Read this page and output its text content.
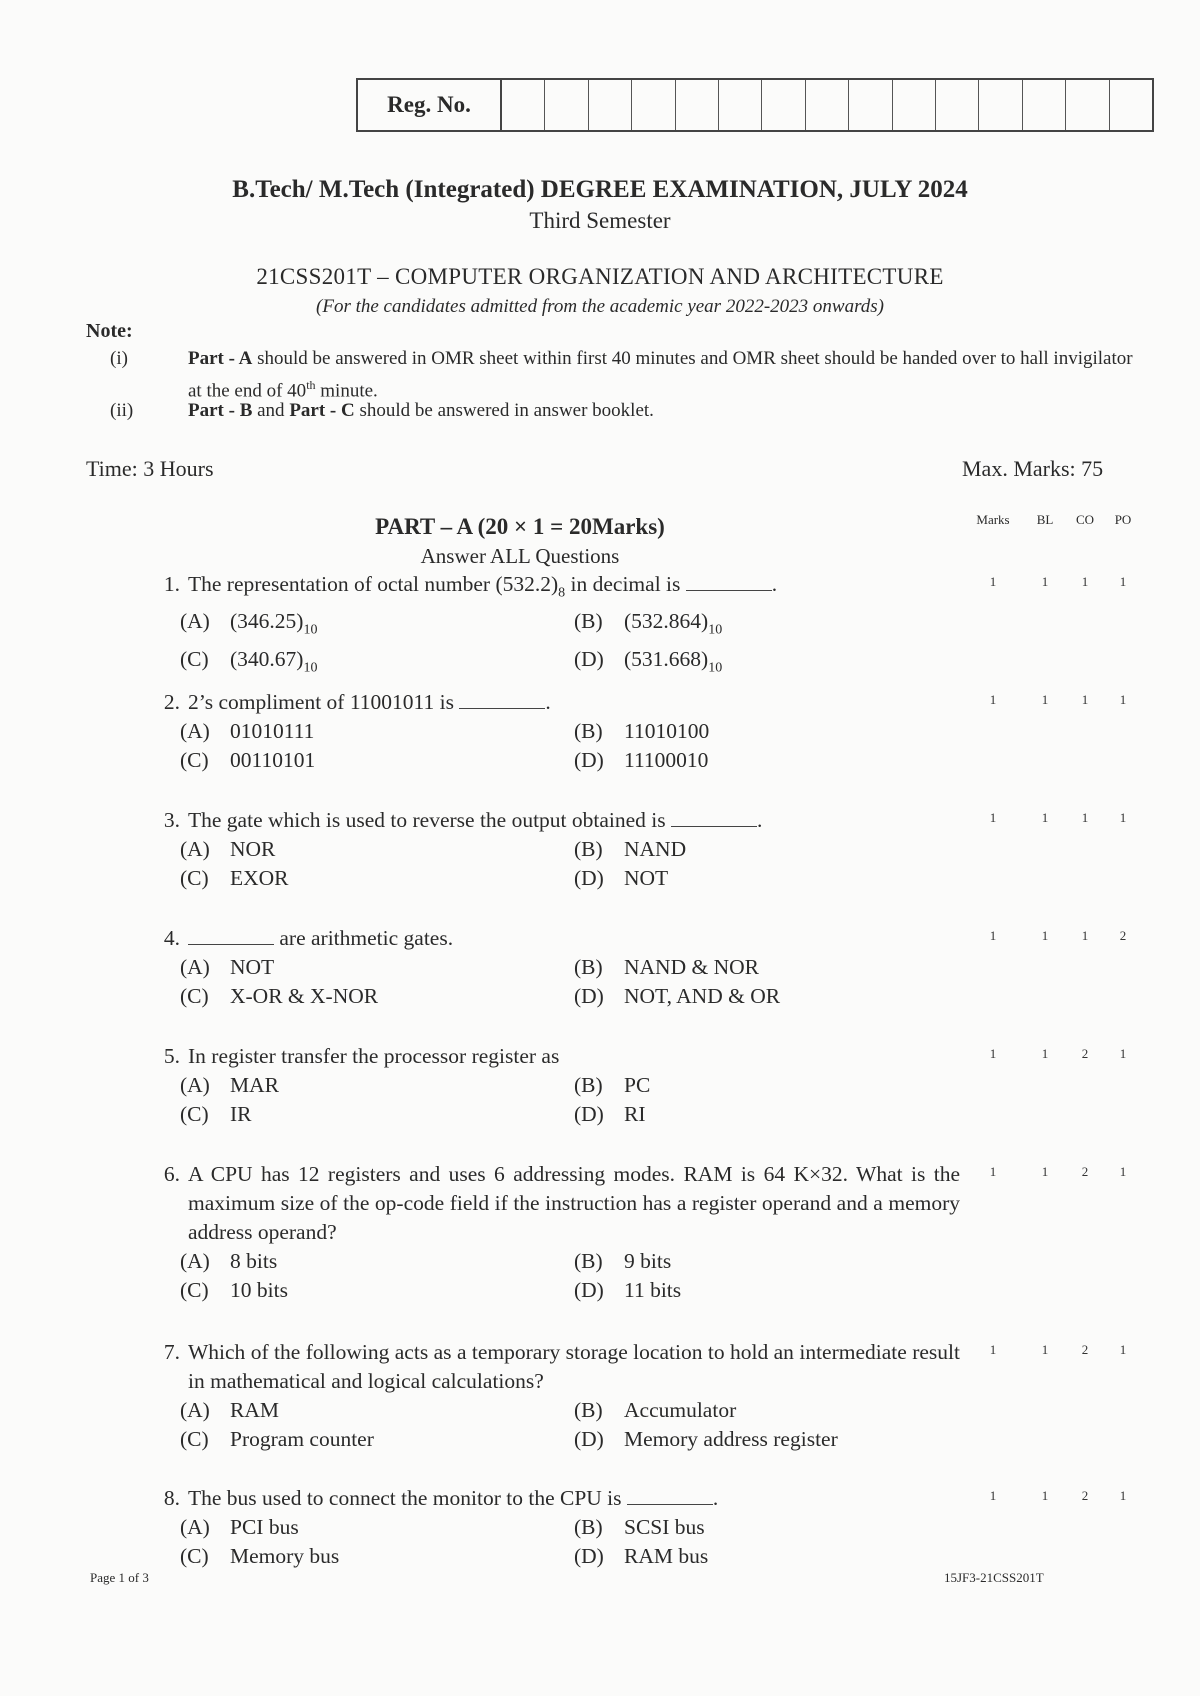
Reg. No.
B.Tech/ M.Tech (Integrated) DEGREE EXAMINATION, JULY 2024
Third Semester
21CSS201T – COMPUTER ORGANIZATION AND ARCHITECTURE
(For the candidates admitted from the academic year 2022-2023 onwards)
Note:
(i)	Part - A should be answered in OMR sheet within first 40 minutes and OMR sheet should be handed over to hall invigilator at the end of 40th minute.
(ii)	Part - B and Part - C should be answered in answer booklet.
Time: 3 Hours	Max. Marks: 75
Marks	BL	CO	PO
PART – A (20 × 1 = 20Marks)
Answer ALL Questions
1. The representation of octal number $(532.2)_8$ in decimal is	.
(A) $(346.25)_{10}$	(B) $(532.864)_{10}$
(C) $(340.67)_{10}$	(D) $(531.668)_{10}$
1	1	1	1
2. 2’s compliment of 11001011 is	.
(A) 01010111	(B) 11010100
(C) 00110101	(D) 11100010
1	1	1	1
3. The gate which is used to reverse the output obtained is	.
(A) NOR	(B) NAND
(C) EXOR	(D) NOT
1	1	1	1
4.	are arithmetic gates.
(A) NOT	(B) NAND & NOR
(C) X-OR & X-NOR	(D) NOT, AND & OR
1	1	1	2
5. In register transfer the processor register as
(A) MAR	(B) PC
(C) IR	(D) RI
1	1	2	1
6. A CPU has 12 registers and uses 6 addressing modes. RAM is 64 K×32. What is the maximum size of the op-code field if the instruction has a register operand and a memory address operand?
(A) 8 bits	(B) 9 bits
(C) 10 bits	(D) 11 bits
1	1	2	1
7. Which of the following acts as a temporary storage location to hold an intermediate result in mathematical and logical calculations?
(A) RAM	(B) Accumulator
(C) Program counter	(D) Memory address register
1	1	2	1
8. The bus used to connect the monitor to the CPU is	.
(A) PCI bus	(B) SCSI bus
(C) Memory bus	(D) RAM bus
1	1	2	1
Page 1 of 3	15JF3-21CSS201T
